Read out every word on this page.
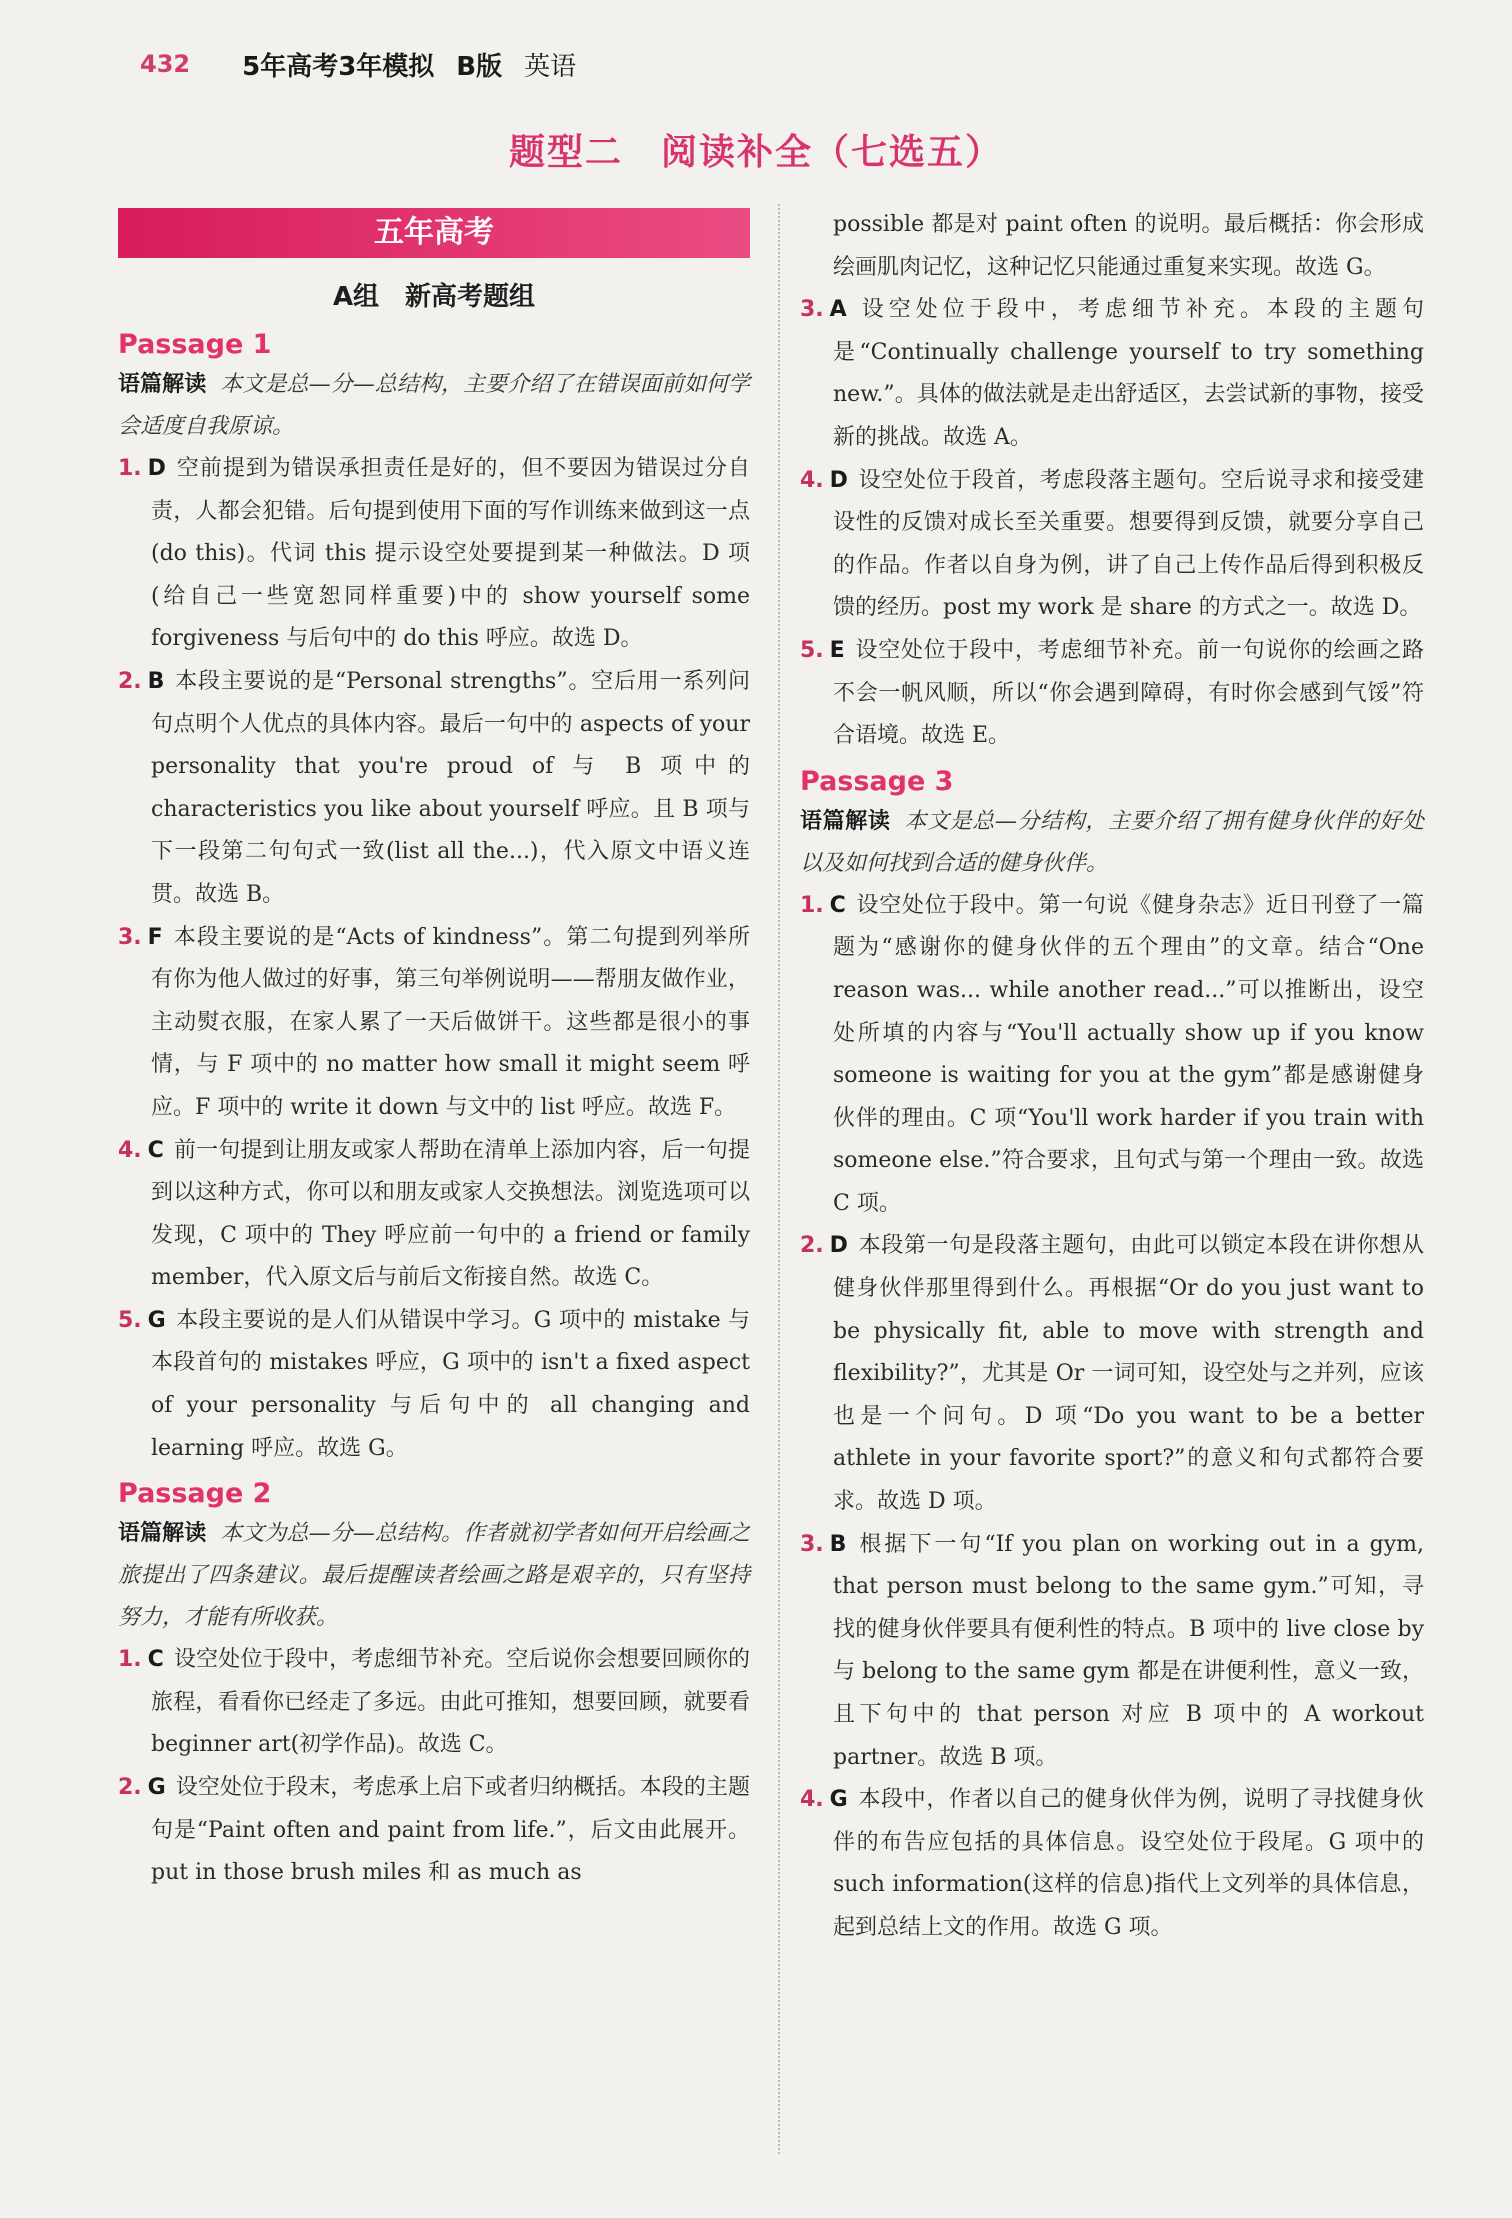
432 5年高考3年模拟 B版 英语
题型二　阅读补全（七选五）
五年高考
A组　新高考题组
Passage 1

语篇解读 本文是总—分—总结构，主要介绍了在错误面前如何学会适度自我原谅。

1. D 空前提到为错误承担责任是好的，但不要因为错误过分自责，人都会犯错。后句提到使用下面的写作训练来做到这一点(do this)。代词 this 提示设空处要提到某一种做法。D 项(给自己一些宽恕同样重要)中的 show yourself some forgiveness 与后句中的 do this 呼应。故选 D。

2. B 本段主要说的是“Personal strengths”。空后用一系列问句点明个人优点的具体内容。最后一句中的 aspects of your personality that you're proud of 与 B 项中的 characteristics you like about yourself 呼应。且 B 项与下一段第二句句式一致(list all the...)，代入原文中语义连贯。故选 B。

3. F 本段主要说的是“Acts of kindness”。第二句提到列举所有你为他人做过的好事，第三句举例说明——帮朋友做作业，主动熨衣服，在家人累了一天后做饼干。这些都是很小的事情，与 F 项中的 no matter how small it might seem 呼应。F 项中的 write it down 与文中的 list 呼应。故选 F。

4. C 前一句提到让朋友或家人帮助在清单上添加内容，后一句提到以这种方式，你可以和朋友或家人交换想法。浏览选项可以发现，C 项中的 They 呼应前一句中的 a friend or family member，代入原文后与前后文衔接自然。故选 C。

5. G 本段主要说的是人们从错误中学习。G 项中的 mistake 与本段首句的 mistakes 呼应，G 项中的 isn't a fixed aspect of your personality 与后句中的 all changing and learning 呼应。故选 G。

Passage 2

语篇解读 本文为总—分—总结构。作者就初学者如何开启绘画之旅提出了四条建议。最后提醒读者绘画之路是艰辛的，只有坚持努力，才能有所收获。

1. C 设空处位于段中，考虑细节补充。空后说你会想要回顾你的旅程，看看你已经走了多远。由此可推知，想要回顾，就要看 beginner art(初学作品)。故选 C。

2. G 设空处位于段末，考虑承上启下或者归纳概括。本段的主题句是“Paint often and paint from life.”，后文由此展开。put in those brush miles 和 as much as

possible 都是对 paint often 的说明。最后概括：你会形成绘画肌肉记忆，这种记忆只能通过重复来实现。故选 G。

3. A 设空处位于段中，考虑细节补充。本段的主题句是“Continually challenge yourself to try something new.”。具体的做法就是走出舒适区，去尝试新的事物，接受新的挑战。故选 A。

4. D 设空处位于段首，考虑段落主题句。空后说寻求和接受建设性的反馈对成长至关重要。想要得到反馈，就要分享自己的作品。作者以自身为例，讲了自己上传作品后得到积极反馈的经历。post my work 是 share 的方式之一。故选 D。

5. E 设空处位于段中，考虑细节补充。前一句说你的绘画之路不会一帆风顺，所以“你会遇到障碍，有时你会感到气馁”符合语境。故选 E。

Passage 3

语篇解读 本文是总—分结构，主要介绍了拥有健身伙伴的好处以及如何找到合适的健身伙伴。

1. C 设空处位于段中。第一句说《健身杂志》近日刊登了一篇题为“感谢你的健身伙伴的五个理由”的文章。结合“One reason was... while another read...”可以推断出，设空处所填的内容与“You'll actually show up if you know someone is waiting for you at the gym”都是感谢健身伙伴的理由。C 项“You'll work harder if you train with someone else.”符合要求，且句式与第一个理由一致。故选 C 项。

2. D 本段第一句是段落主题句，由此可以锁定本段在讲你想从健身伙伴那里得到什么。再根据“Or do you just want to be physically fit, able to move with strength and flexibility?”，尤其是 Or 一词可知，设空处与之并列，应该也是一个问句。D 项“Do you want to be a better athlete in your favorite sport?”的意义和句式都符合要求。故选 D 项。

3. B 根据下一句“If you plan on working out in a gym, that person must belong to the same gym.”可知，寻找的健身伙伴要具有便利性的特点。B 项中的 live close by 与 belong to the same gym 都是在讲便利性，意义一致，且下句中的 that person 对应 B 项中的 A workout partner。故选 B 项。

4. G 本段中，作者以自己的健身伙伴为例，说明了寻找健身伙伴的布告应包括的具体信息。设空处位于段尾。G 项中的 such information(这样的信息)指代上文列举的具体信息，起到总结上文的作用。故选 G 项。
